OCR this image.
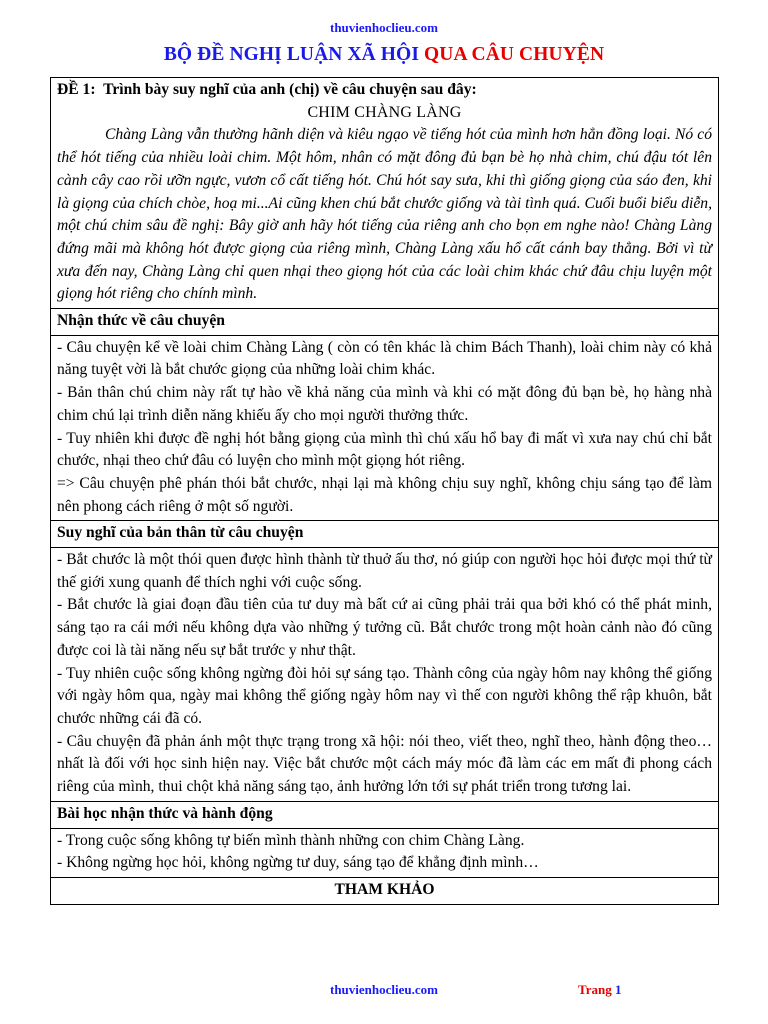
thuvienhoclieu.com
BỘ ĐỀ NGHỊ LUẬN XÃ HỘI QUA CÂU CHUYỆN
ĐỀ 1: Trình bày suy nghĩ của anh (chị) về câu chuyện sau đây:
CHIM CHÀNG LÀNG

Chàng Làng vẫn thường hãnh diện và kiêu ngạo về tiếng hót của mình hơn hẳn đồng loại. Nó có thể hót tiếng của nhiều loài chim. Một hôm, nhân có mặt đông đủ bạn bè họ nhà chim, chú đậu tót lên cành cây cao rồi ưỡn ngực, vươn cổ cất tiếng hót. Chú hót say sưa, khi thì giống giọng của sáo đen, khi là giọng của chích chòe, hoạ mi...Ai cũng khen chú bắt chước giống và tài tình quá. Cuối buổi biểu diễn, một chú chim sâu đề nghị: Bây giờ anh hãy hót tiếng của riêng anh cho bọn em nghe nào! Chàng Làng đứng mãi mà không hót được giọng của riêng mình, Chàng Làng xấu hổ cất cánh bay thẳng. Bởi vì từ xưa đến nay, Chàng Làng chỉ quen nhại theo giọng hót của các loài chim khác chứ đâu chịu luyện một giọng hót riêng cho chính mình.

Nhận thức về câu chuyện

- Câu chuyện kể về loài chim Chàng Làng ( còn có tên khác là chim Bách Thanh), loài chim này có khả năng tuyệt vời là bắt chước giọng của những loài chim khác.

- Bản thân chú chim này rất tự hào về khả năng của mình và khi có mặt đông đủ bạn bè, họ hàng nhà chim chú lại trình diễn năng khiếu ấy cho mọi người thưởng thức.

- Tuy nhiên khi được đề nghị hót bằng giọng của mình thì chú xấu hổ bay đi mất vì xưa nay chú chỉ bắt chước, nhại theo chứ đâu có luyện cho mình một giọng hót riêng.

=> Câu chuyện phê phán thói bắt chước, nhại lại mà không chịu suy nghĩ, không chịu sáng tạo để làm nên phong cách riêng ở một số người.

Suy nghĩ của bản thân từ câu chuyện

- Bắt chước là một thói quen được hình thành từ thuở ấu thơ, nó giúp con người học hỏi được mọi thứ từ thế giới xung quanh để thích nghi với cuộc sống.

- Bắt chước là giai đoạn đầu tiên của tư duy mà bất cứ ai cũng phải trải qua bởi khó có thể phát minh, sáng tạo ra cái mới nếu không dựa vào những ý tưởng cũ. Bắt chước trong một hoàn cảnh nào đó cũng được coi là tài năng nếu sự bắt trước y như thật.

- Tuy nhiên cuộc sống không ngừng đòi hỏi sự sáng tạo. Thành công của ngày hôm nay không thể giống với ngày hôm qua, ngày mai không thể giống ngày hôm nay vì thế con người không thể rập khuôn, bắt chước những cái đã có.

- Câu chuyện đã phản ánh một thực trạng trong xã hội: nói theo, viết theo, nghĩ theo, hành động theo…nhất là đối với học sinh hiện nay. Việc bắt chước một cách máy móc đã làm các em mất đi phong cách riêng của mình, thui chột khả năng sáng tạo, ảnh hưởng lớn tới sự phát triển trong tương lai.

Bài học nhận thức và hành động

- Trong cuộc sống không tự biến mình thành những con chim Chàng Làng.

- Không ngừng học hỏi, không ngừng tư duy, sáng tạo để khẳng định mình…

THAM KHẢO
thuvienhoclieu.com	Trang 1
